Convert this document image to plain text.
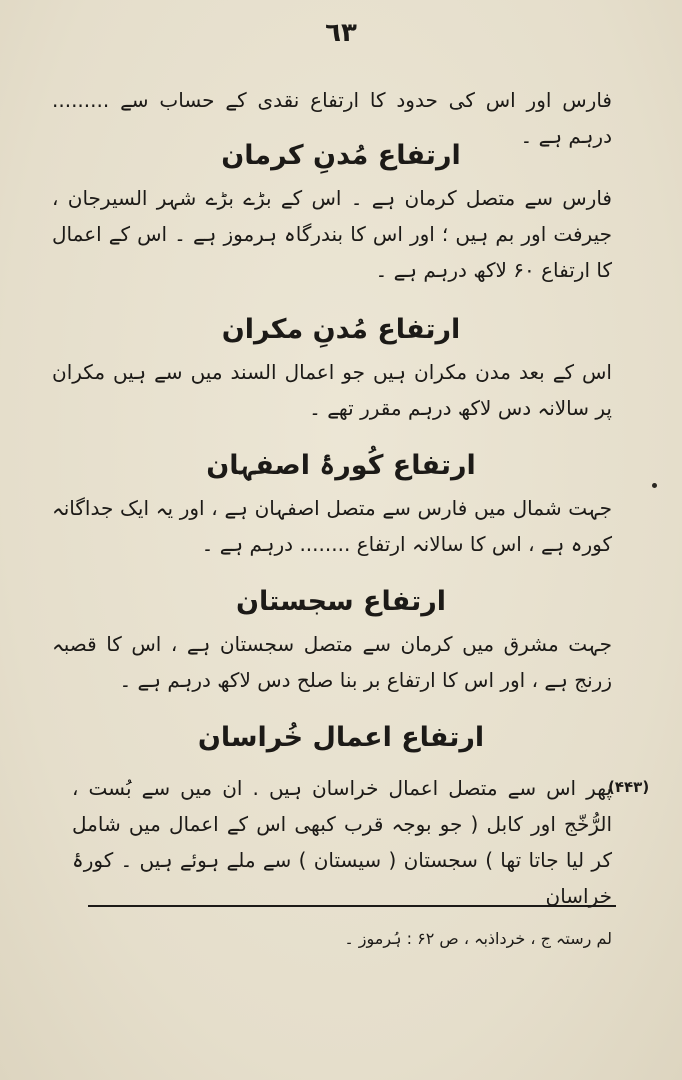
٦٣
فارس اور اس کی حدود کا ارتفاع نقدی کے حساب سے ......... درہم ہے ۔
ارتفاع مُدنِ کرمان
فارس سے متصل کرمان ہے ۔ اس کے بڑے بڑے شہر السیرجان ، جیرفت اور بم ہیں ؛ اور اس کا بندرگاہ ہرموز ہے ۔ اس کے اعمال کا ارتفاع ۶۰ لاکھ درہم ہے ۔
ارتفاع مُدنِ مکران
اس کے بعد مدن مکران ہیں جو اعمال السند میں سے ہیں مکران پر سالانہ دس لاکھ درہم مقرر تھے ۔
ارتفاع کُورۂ اصفہان
جہت شمال میں فارس سے متصل اصفہان ہے ، اور یہ ایک جداگانہ کورہ ہے ، اس کا سالانہ ارتفاع ........ درہم ہے ۔
ارتفاع سجستان
جہت مشرق میں کرمان سے متصل سجستان ہے ، اس کا قصبہ زرنج ہے ، اور اس کا ارتفاع بر بنا صلح دس لاکھ درہم ہے ۔
ارتفاع اعمال خُراسان
پھر اس سے متصل اعمال خراسان ہیں . ان میں سے بُست ، الرُّخّج اور کابل ( جو بوجہ قرب کبھی اس کے اعمال میں شامل کر لیا جاتا تھا ) سجستان ( سیستان ) سے ملے ہوئے ہیں ۔ کورۂ خراسان
(۴۴۳)
لم رستہ ج ، خرداذبہ ، ص ۶۲ : ہُرموز ۔
